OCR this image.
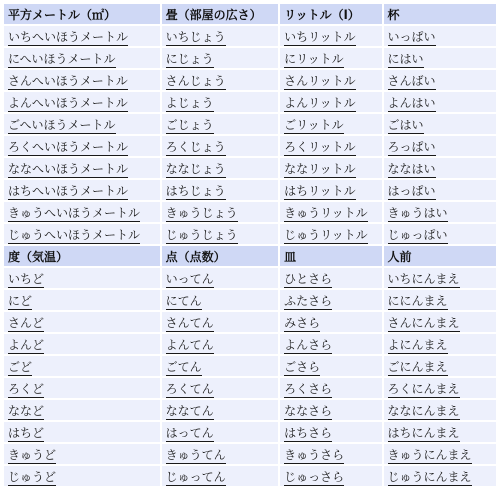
平方メートル（㎡）	畳（部屋の広さ）	リットル（l）	杯
いちへいほうメートル	いちじょう	いちリットル	いっぱい
にへいほうメートル	にじょう	にリットル	にはい
さんへいほうメートル	さんじょう	さんリットル	さんばい
よんへいほうメートル	よじょう	よんリットル	よんはい
ごへいほうメートル	ごじょう	ごリットル	ごはい
ろくへいほうメートル	ろくじょう	ろくリットル	ろっぱい
ななへいほうメートル	ななじょう	ななリットル	ななはい
はちへいほうメートル	はちじょう	はちリットル	はっぱい
きゅうへいほうメートル	きゅうじょう	きゅうリットル	きゅうはい
じゅうへいほうメートル	じゅうじょう	じゅうリットル	じゅっぱい
度（気温）	点（点数）	皿	人前
いちど	いってん	ひとさら	いちにんまえ
にど	にてん	ふたさら	ににんまえ
さんど	さんてん	みさら	さんにんまえ
よんど	よんてん	よんさら	よにんまえ
ごど	ごてん	ごさら	ごにんまえ
ろくど	ろくてん	ろくさら	ろくにんまえ
ななど	ななてん	ななさら	ななにんまえ
はちど	はってん	はちさら	はちにんまえ
きゅうど	きゅうてん	きゅうさら	きゅうにんまえ
じゅうど	じゅってん	じゅっさら	じゅうにんまえ
